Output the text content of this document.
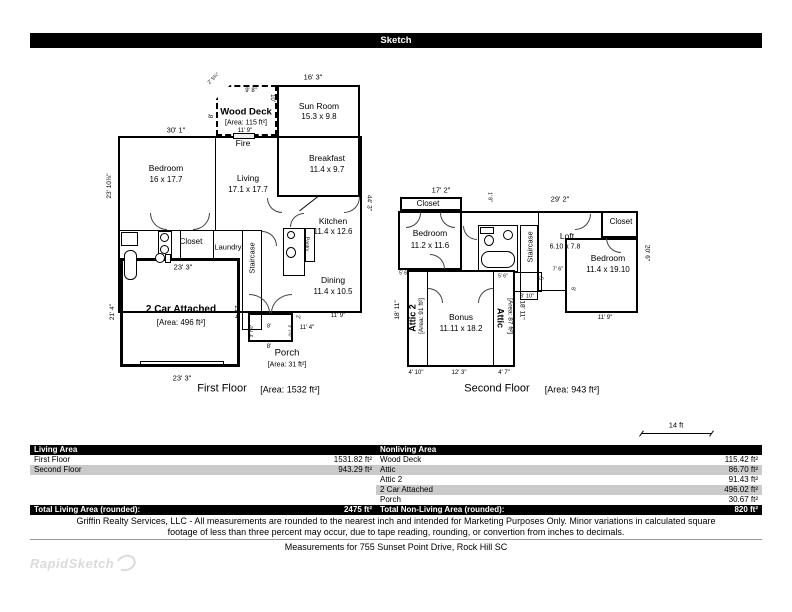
Sketch
16' 3"
9' 8"
2' 5¾"
10'
8' Wood Deck
[Area: 115 ft²]
11' 9"
Sun Room
15.3 x 9.8
30' 1"
Fire
Bedroom
16 x 17.7	Living
17.1 x 17.7
Breakfast
11.4 x 9.7
23' 10⅞"
44' 3"
Kitchen
11.4 x 12.6
Pantry
Closet
Laundry Staircase
23' 3"
Dining
11.4 x 10.5
2 Car Attached
[Area: 496 ft²]
21' 4"	21' 4"
8'
3' 7⅞"	3' 7⅞"
2'
11' 4"
11' 9"
8'
Porch
[Area: 31 ft²]
23' 3"
First Floor [Area: 1532 ft²]
17' 2"
Closet
1' 8"	29' 2"
Closet
Bedroom
11.2 x 11.6	Staircase	Loft
6.10 x 7.8
Bedroom
11.4 x 19.10
20' 6"
7' 6"
5'
8'
3' 10"
5' 6"	5' 6"
18' 11" Attic 2 [Area: 91 ft²]	Bonus
11.11 x 18.2
Attic [Area: 87 ft²] 18' 11"	11' 9"
4' 10"	12' 3"	4' 7"
Second Floor [Area: 943 ft²]
14 ft
Living Area
First Floor	1531.82 ft²
Second Floor	943.29 ft²
Total Living Area (rounded):	2475 ft²
Nonliving Area
Wood Deck	115.42 ft²
Attic	86.70 ft²
Attic 2	91.43 ft²
2 Car Attached	496.02 ft²
Porch	30.67 ft²
Total Non-Living Area (rounded):	820 ft²
Griffin Realty Services, LLC - All measurements are rounded to the nearest inch and intended for Marketing Purposes Only. Minor variations in calculated square
footage of less than three percent may occur, due to tape reading, rounding, or convertion from inches to decimals.
Measurements for 755 Sunset Point Drive, Rock Hill SC
RapidSketch
